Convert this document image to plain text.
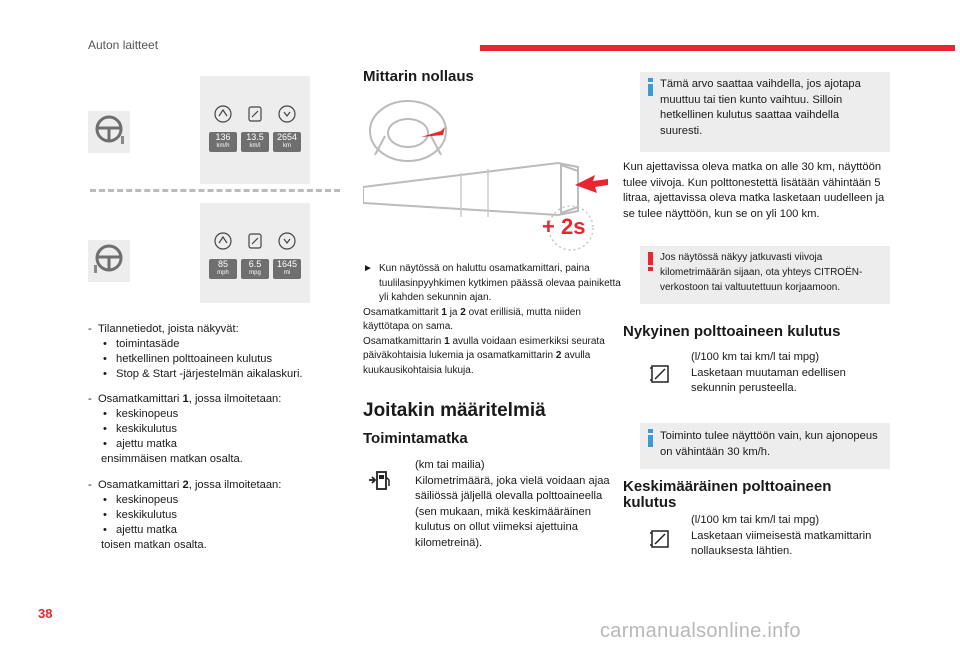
Auton laitteet
136
km/h
13.5
km/l
2654
km
85
mph
6.5
mpg
1645
mi
-  Tilannetiedot, joista näkyvät:
• toimintasäde
• hetkellinen polttoaineen kulutus
• Stop & Start -järjestelmän aikalaskuri.
-  Osamatkamittari 1, jossa ilmoitetaan:
• keskinopeus
• keskikulutus
• ajettu matka
ensimmäisen matkan osalta.
-  Osamatkamittari 2, jossa ilmoitetaan:
• keskinopeus
• keskikulutus
• ajettu matka
toisen matkan osalta.
Mittarin nollaus
+ 2s
► Kun näytössä on haluttu osamatkamittari, paina tuulilasinpyyhkimen kytkimen päässä olevaa painiketta yli kahden sekunnin ajan.
Osamatkamittarit 1 ja 2 ovat erillisiä, mutta niiden käyttötapa on sama.
Osamatkamittarin 1 avulla voidaan esimerkiksi seurata päiväkohtaisia lukemia ja osamatkamittarin 2 avulla kuukausikohtaisia lukuja.
Joitakin määritelmiä
Toimintamatka
(km tai mailia)
Kilometrimäärä, joka vielä voidaan ajaa säiliössä jäljellä olevalla polttoaineella (sen mukaan, mikä keskimääräinen kulutus on ollut viimeksi ajettuina kilometreinä).
Tämä arvo saattaa vaihdella, jos ajotapa muuttuu tai tien kunto vaihtuu. Silloin hetkellinen kulutus saattaa vaihdella suuresti.
Kun ajettavissa oleva matka on alle 30 km, näyttöön tulee viivoja. Kun polttonestettä lisätään vähintään 5 litraa, ajettavissa oleva matka lasketaan uudelleen ja se tulee näyttöön, kun se on yli 100 km.
Jos näytössä näkyy jatkuvasti viivoja kilometrimäärän sijaan, ota yhteys CITROËN-verkostoon tai valtuutettuun korjaamoon.
Nykyinen polttoaineen kulutus
(l/100 km tai km/l tai mpg)
Lasketaan muutaman edellisen sekunnin perusteella.
Toiminto tulee näyttöön vain, kun ajonopeus on vähintään 30 km/h.
Keskimääräinen polttoaineen
kulutus
(l/100 km tai km/l tai mpg)
Lasketaan viimeisestä matkamittarin nollauksesta lähtien.
38
carmanualsonline.info
